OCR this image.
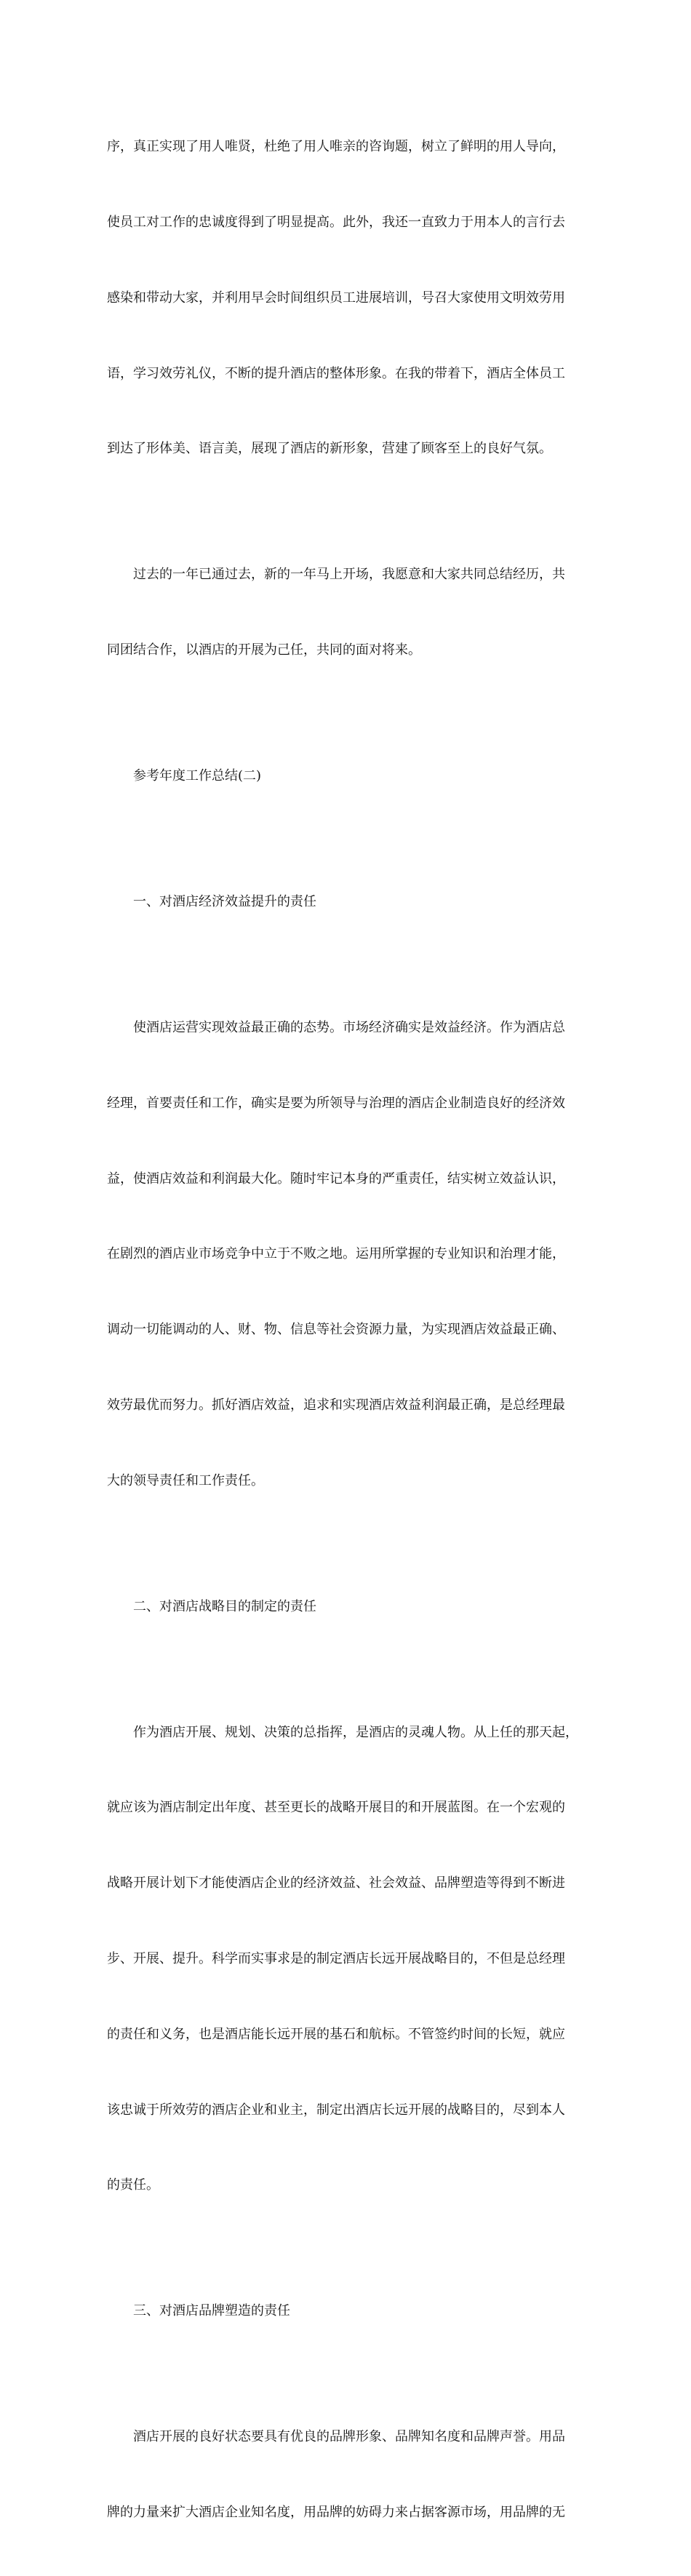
序，真正实现了用人唯贤，杜绝了用人唯亲的咨询题，树立了鲜明的用人导向，

使员工对工作的忠诚度得到了明显提高。此外，我还一直致力于用本人的言行去

感染和带动大家，并利用早会时间组织员工进展培训，号召大家使用文明效劳用

语，学习效劳礼仪，不断的提升酒店的整体形象。在我的带着下，酒店全体员工

到达了形体美、语言美，展现了酒店的新形象，营建了顾客至上的良好气氛。

过去的一年已通过去，新的一年马上开场，我愿意和大家共同总结经历，共

同团结合作，以酒店的开展为己任，共同的面对将来。

参考年度工作总结(二)

一、对酒店经济效益提升的责任

使酒店运营实现效益最正确的态势。市场经济确实是效益经济。作为酒店总

经理，首要责任和工作，确实是要为所领导与治理的酒店企业制造良好的经济效

益，使酒店效益和利润最大化。随时牢记本身的严重责任，结实树立效益认识，

在剧烈的酒店业市场竞争中立于不败之地。运用所掌握的专业知识和治理才能，

调动一切能调动的人、财、物、信息等社会资源力量，为实现酒店效益最正确、

效劳最优而努力。抓好酒店效益，追求和实现酒店效益利润最正确，是总经理最

大的领导责任和工作责任。

二、对酒店战略目的制定的责任

作为酒店开展、规划、决策的总指挥，是酒店的灵魂人物。从上任的那天起，

就应该为酒店制定出年度、甚至更长的战略开展目的和开展蓝图。在一个宏观的

战略开展计划下才能使酒店企业的经济效益、社会效益、品牌塑造等得到不断进

步、开展、提升。科学而实事求是的制定酒店长远开展战略目的，不但是总经理

的责任和义务，也是酒店能长远开展的基石和航标。不管签约时间的长短，就应

该忠诚于所效劳的酒店企业和业主，制定出酒店长远开展的战略目的，尽到本人

的责任。

三、对酒店品牌塑造的责任

酒店开展的良好状态要具有优良的品牌形象、品牌知名度和品牌声誉。用品

牌的力量来扩大酒店企业知名度，用品牌的妨碍力来占据客源市场，用品牌的无
